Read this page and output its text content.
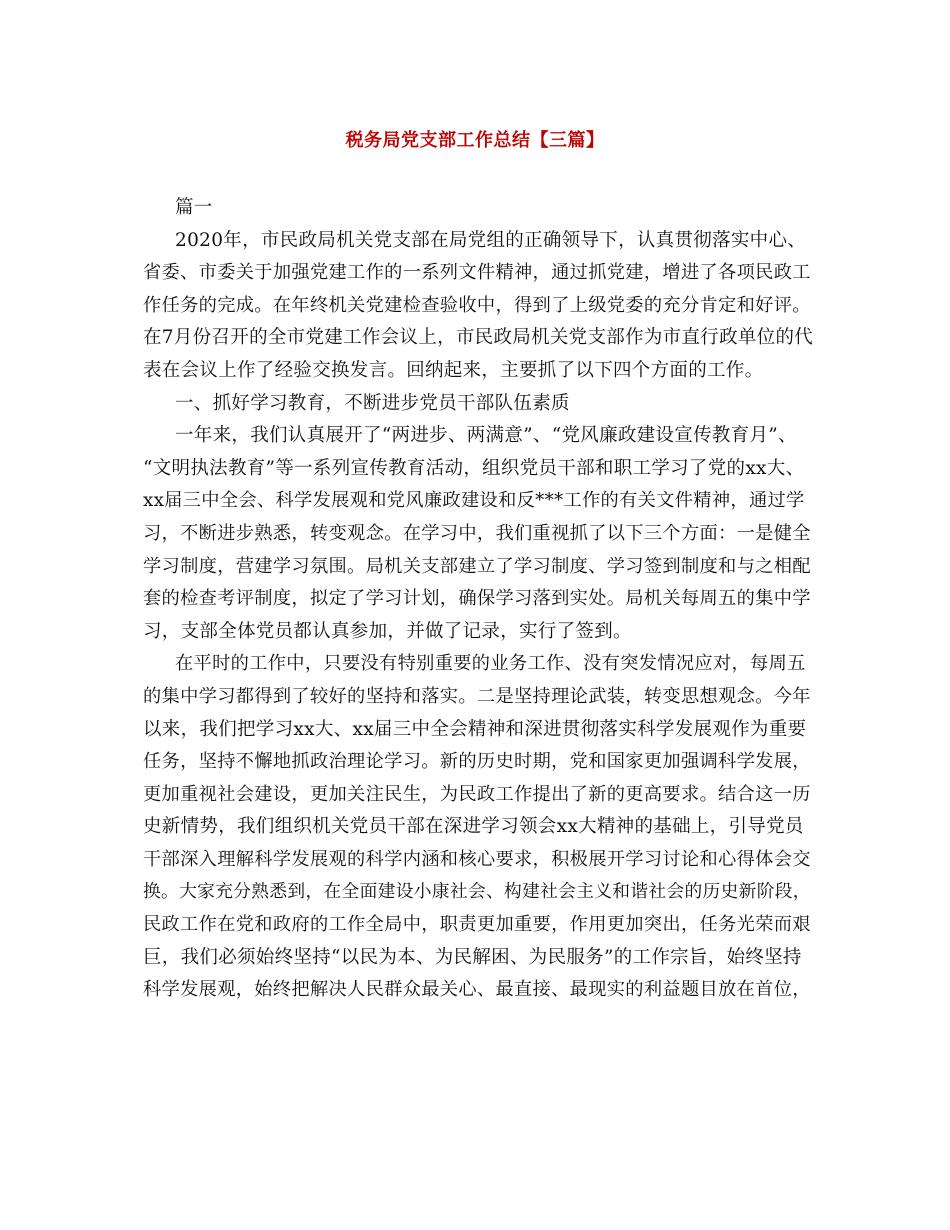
税务局党支部工作总结【三篇】
篇一
2020年，市民政局机关党支部在局党组的正确领导下，认真贯彻落实中心、
省委、市委关于加强党建工作的一系列文件精神，通过抓党建，增进了各项民政工
作任务的完成。在年终机关党建检查验收中，得到了上级党委的充分肯定和好评。
在7月份召开的全市党建工作会议上，市民政局机关党支部作为市直行政单位的代
表在会议上作了经验交换发言。回纳起来，主要抓了以下四个方面的工作。
一、抓好学习教育，不断进步党员干部队伍素质
一年来，我们认真展开了“两进步、两满意”、“党风廉政建设宣传教育月”、
“文明执法教育”等一系列宣传教育活动，组织党员干部和职工学习了党的xx大、
xx届三中全会、科学发展观和党风廉政建设和反***工作的有关文件精神，通过学
习，不断进步熟悉，转变观念。在学习中，我们重视抓了以下三个方面：一是健全
学习制度，营建学习氛围。局机关支部建立了学习制度、学习签到制度和与之相配
套的检查考评制度，拟定了学习计划，确保学习落到实处。局机关每周五的集中学
习，支部全体党员都认真参加，并做了记录，实行了签到。
在平时的工作中，只要没有特别重要的业务工作、没有突发情况应对，每周五
的集中学习都得到了较好的坚持和落实。二是坚持理论武装，转变思想观念。今年
以来，我们把学习xx大、xx届三中全会精神和深进贯彻落实科学发展观作为重要
任务，坚持不懈地抓政治理论学习。新的历史时期，党和国家更加强调科学发展，
更加重视社会建设，更加关注民生，为民政工作提出了新的更高要求。结合这一历
史新情势，我们组织机关党员干部在深进学习领会xx大精神的基础上，引导党员
干部深入理解科学发展观的科学内涵和核心要求，积极展开学习讨论和心得体会交
换。大家充分熟悉到，在全面建设小康社会、构建社会主义和谐社会的历史新阶段，
民政工作在党和政府的工作全局中，职责更加重要，作用更加突出，任务光荣而艰
巨，我们必须始终坚持“以民为本、为民解困、为民服务”的工作宗旨，始终坚持
科学发展观，始终把解决人民群众最关心、最直接、最现实的利益题目放在首位，
